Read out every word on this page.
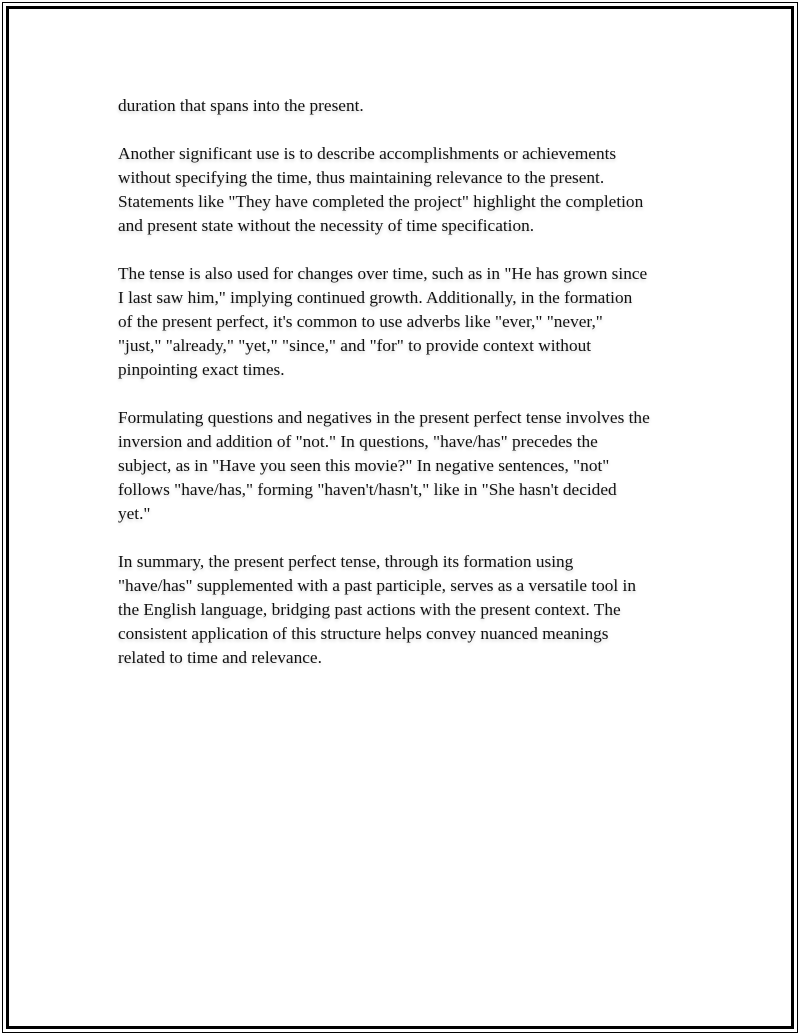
duration that spans into the present.

Another significant use is to describe accomplishments or achievements
without specifying the time, thus maintaining relevance to the present.
Statements like "They have completed the project" highlight the completion
and present state without the necessity of time specification.

The tense is also used for changes over time, such as in "He has grown since
I last saw him," implying continued growth. Additionally, in the formation
of the present perfect, it's common to use adverbs like "ever," "never,"
"just," "already," "yet," "since," and "for" to provide context without
pinpointing exact times.

Formulating questions and negatives in the present perfect tense involves the
inversion and addition of "not." In questions, "have/has" precedes the
subject, as in "Have you seen this movie?" In negative sentences, "not"
follows "have/has," forming "haven't/hasn't," like in "She hasn't decided
yet."

In summary, the present perfect tense, through its formation using
"have/has" supplemented with a past participle, serves as a versatile tool in
the English language, bridging past actions with the present context. The
consistent application of this structure helps convey nuanced meanings
related to time and relevance.
